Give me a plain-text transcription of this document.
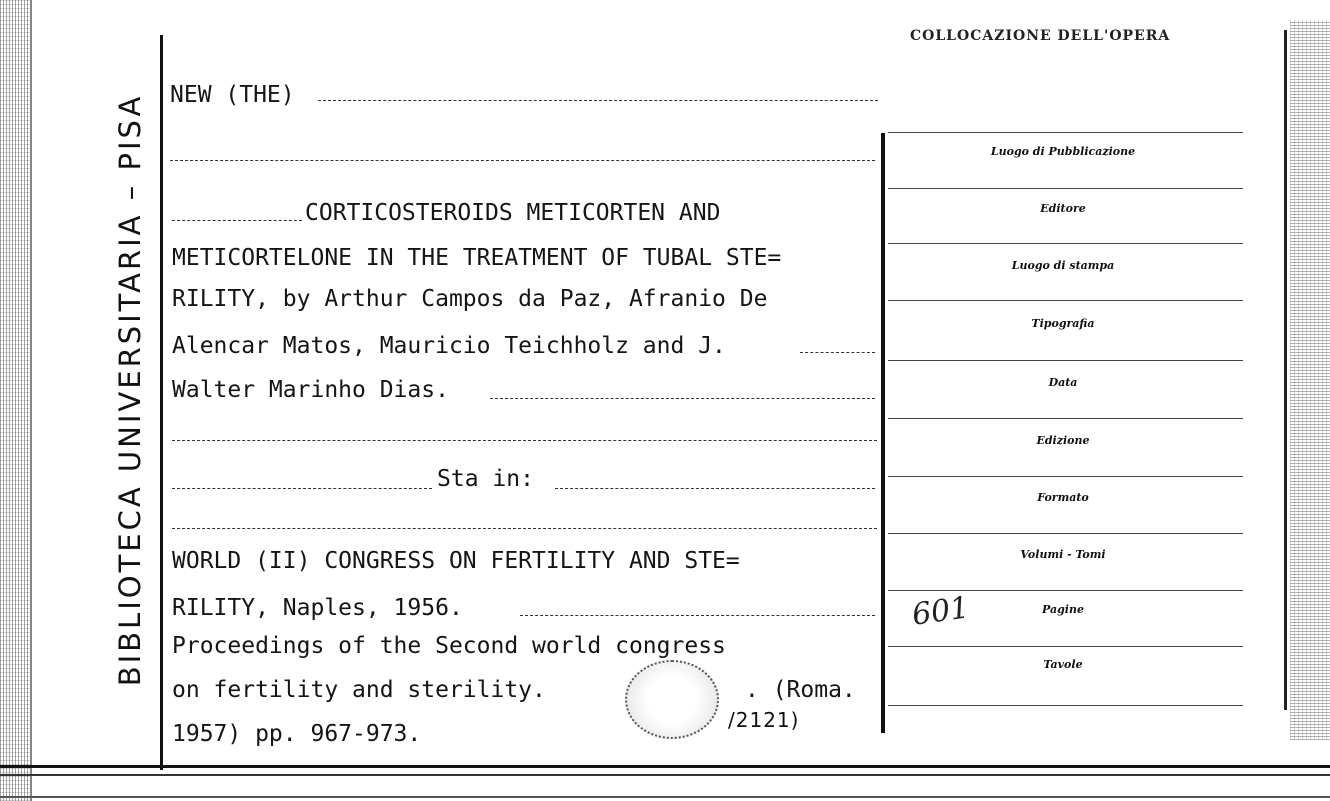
BIBLIOTECA UNIVERSITARIA – PISA
COLLOCAZIONE DELL'OPERA
NEW (THE)
CORTICOSTEROIDS METICORTEN AND
METICORTELONE IN THE TREATMENT OF TUBAL STE=
RILITY, by Arthur Campos da Paz, Afranio De
Alencar Matos, Mauricio Teichholz and J.
Walter Marinho Dias.
Sta in:
WORLD (II) CONGRESS ON FERTILITY AND STE=
RILITY, Naples, 1956.
Proceedings of the Second world congress
on fertility and sterility.	. (Roma.
1957) pp. 967-973.
/2121)
Luogo di Pubblicazione
Editore
Luogo di stampa
Tipografia
Data
Edizione
Formato
Volumi - Tomi
Pagine
601
Tavole
